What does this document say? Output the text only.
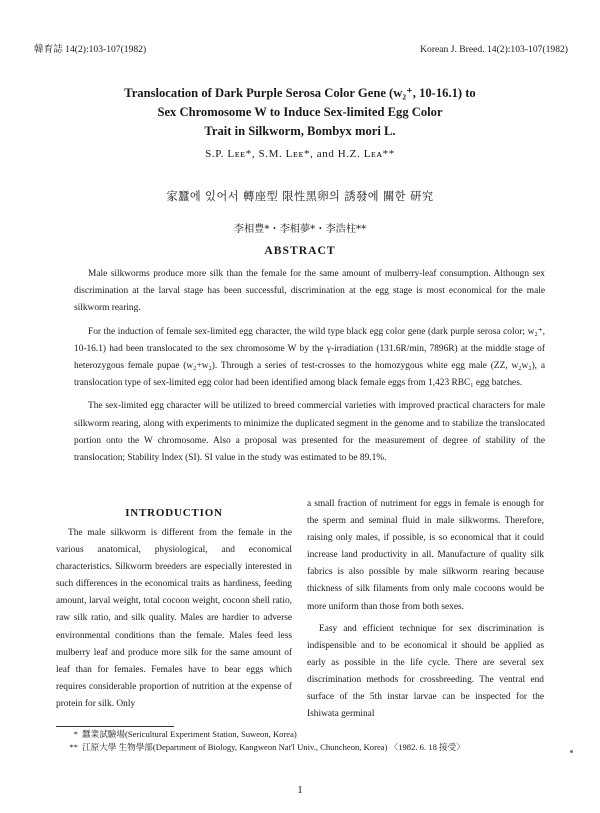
韓育誌 14(2):103-107(1982)	Korean J. Breed. 14(2):103-107(1982)
Translocation of Dark Purple Serosa Color Gene (w₂⁺, 10-16.1) to
Sex Chromosome W to Induce Sex-limited Egg Color
Trait in Silkworm, Bombyx mori L.
S.P. Lᴇᴇ*, S.M. Lᴇᴇ*, and H.Z. Lᴇᴀ**
家蠶에 있어서 轉座型 限性黑卵의 誘發에 關한 硏究
李相豊*・李相夢*・李浩柱**
ABSTRACT

Male silkworms produce more silk than the female for the same amount of mulberry-leaf consumption. Althougn sex discrimination at the larval stage has been successful, discrimination at the egg stage is most economical for the male silkworm rearing.

For the induction of female sex-limited egg character, the wild type black egg color gene (dark purple serosa color; w₂⁺, 10-16.1) had been translocated to the sex chromosome W by the γ-irradiation (131.6R/min, 7896R) at the middle stage of heterozygous female pupae (w₂+w₂). Through a series of test-crosses to the homozygous white egg male (ZZ, w₂w₂), a translocation type of sex-limited egg color had been identified among black female eggs from 1,423 RBC₁ egg batches.

The sex-limited egg character will be utilized to breed commercial varieties with improved practical characters for male silkworm rearing, along with experiments to minimize the duplicated segment in the genome and to stabilize the translocated portion onto the W chromosome. Also a proposal was presented for the measurement of degree of stability of the translocation; Stability Index (SI). SI value in the study was estimated to be 89.1%.

INTRODUCTION

The male silkworm is different from the female in the various anatomical, physiological, and economical characteristics. Silkworm breeders are especially interested in such differences in the economical traits as hardiness, feeding amount, larval weight, total cocoon weight, cocoon shell ratio, raw silk ratio, and silk quality. Males are hardier to adverse environmental conditions than the female. Males feed less mulberry leaf and produce more silk for the same amount of leaf than for females. Females have to bear eggs which requires considerable proportion of nutrition at the expense of protein for silk. Only

a small fraction of nutriment for eggs in female is enough for the sperm and seminal fluid in male silkworms. Therefore, raising only males, if possible, is so economical that it could increase land productivity in all. Manufacture of quality silk fabrics is also possible by male silkworm rearing because thickness of silk filaments from only male cocoons would be more uniform than those from both sexes.

Easy and efficient technique for sex discrimination is indispensible and to be economical it should be applied as early as possible in the life cycle. There are several sex discrimination methods for crossbreeding. The ventral end surface of the 5th instar larvae can be inspected for the Ishiwata germinal

* 蠶業試驗場(Sericultural Experiment Station, Suweon, Korea)
** 江原大學 生物學部(Department of Biology, Kangweon Nat'l Univ., Chuncheon, Korea) 〈1982. 6. 18 接受〉
1
